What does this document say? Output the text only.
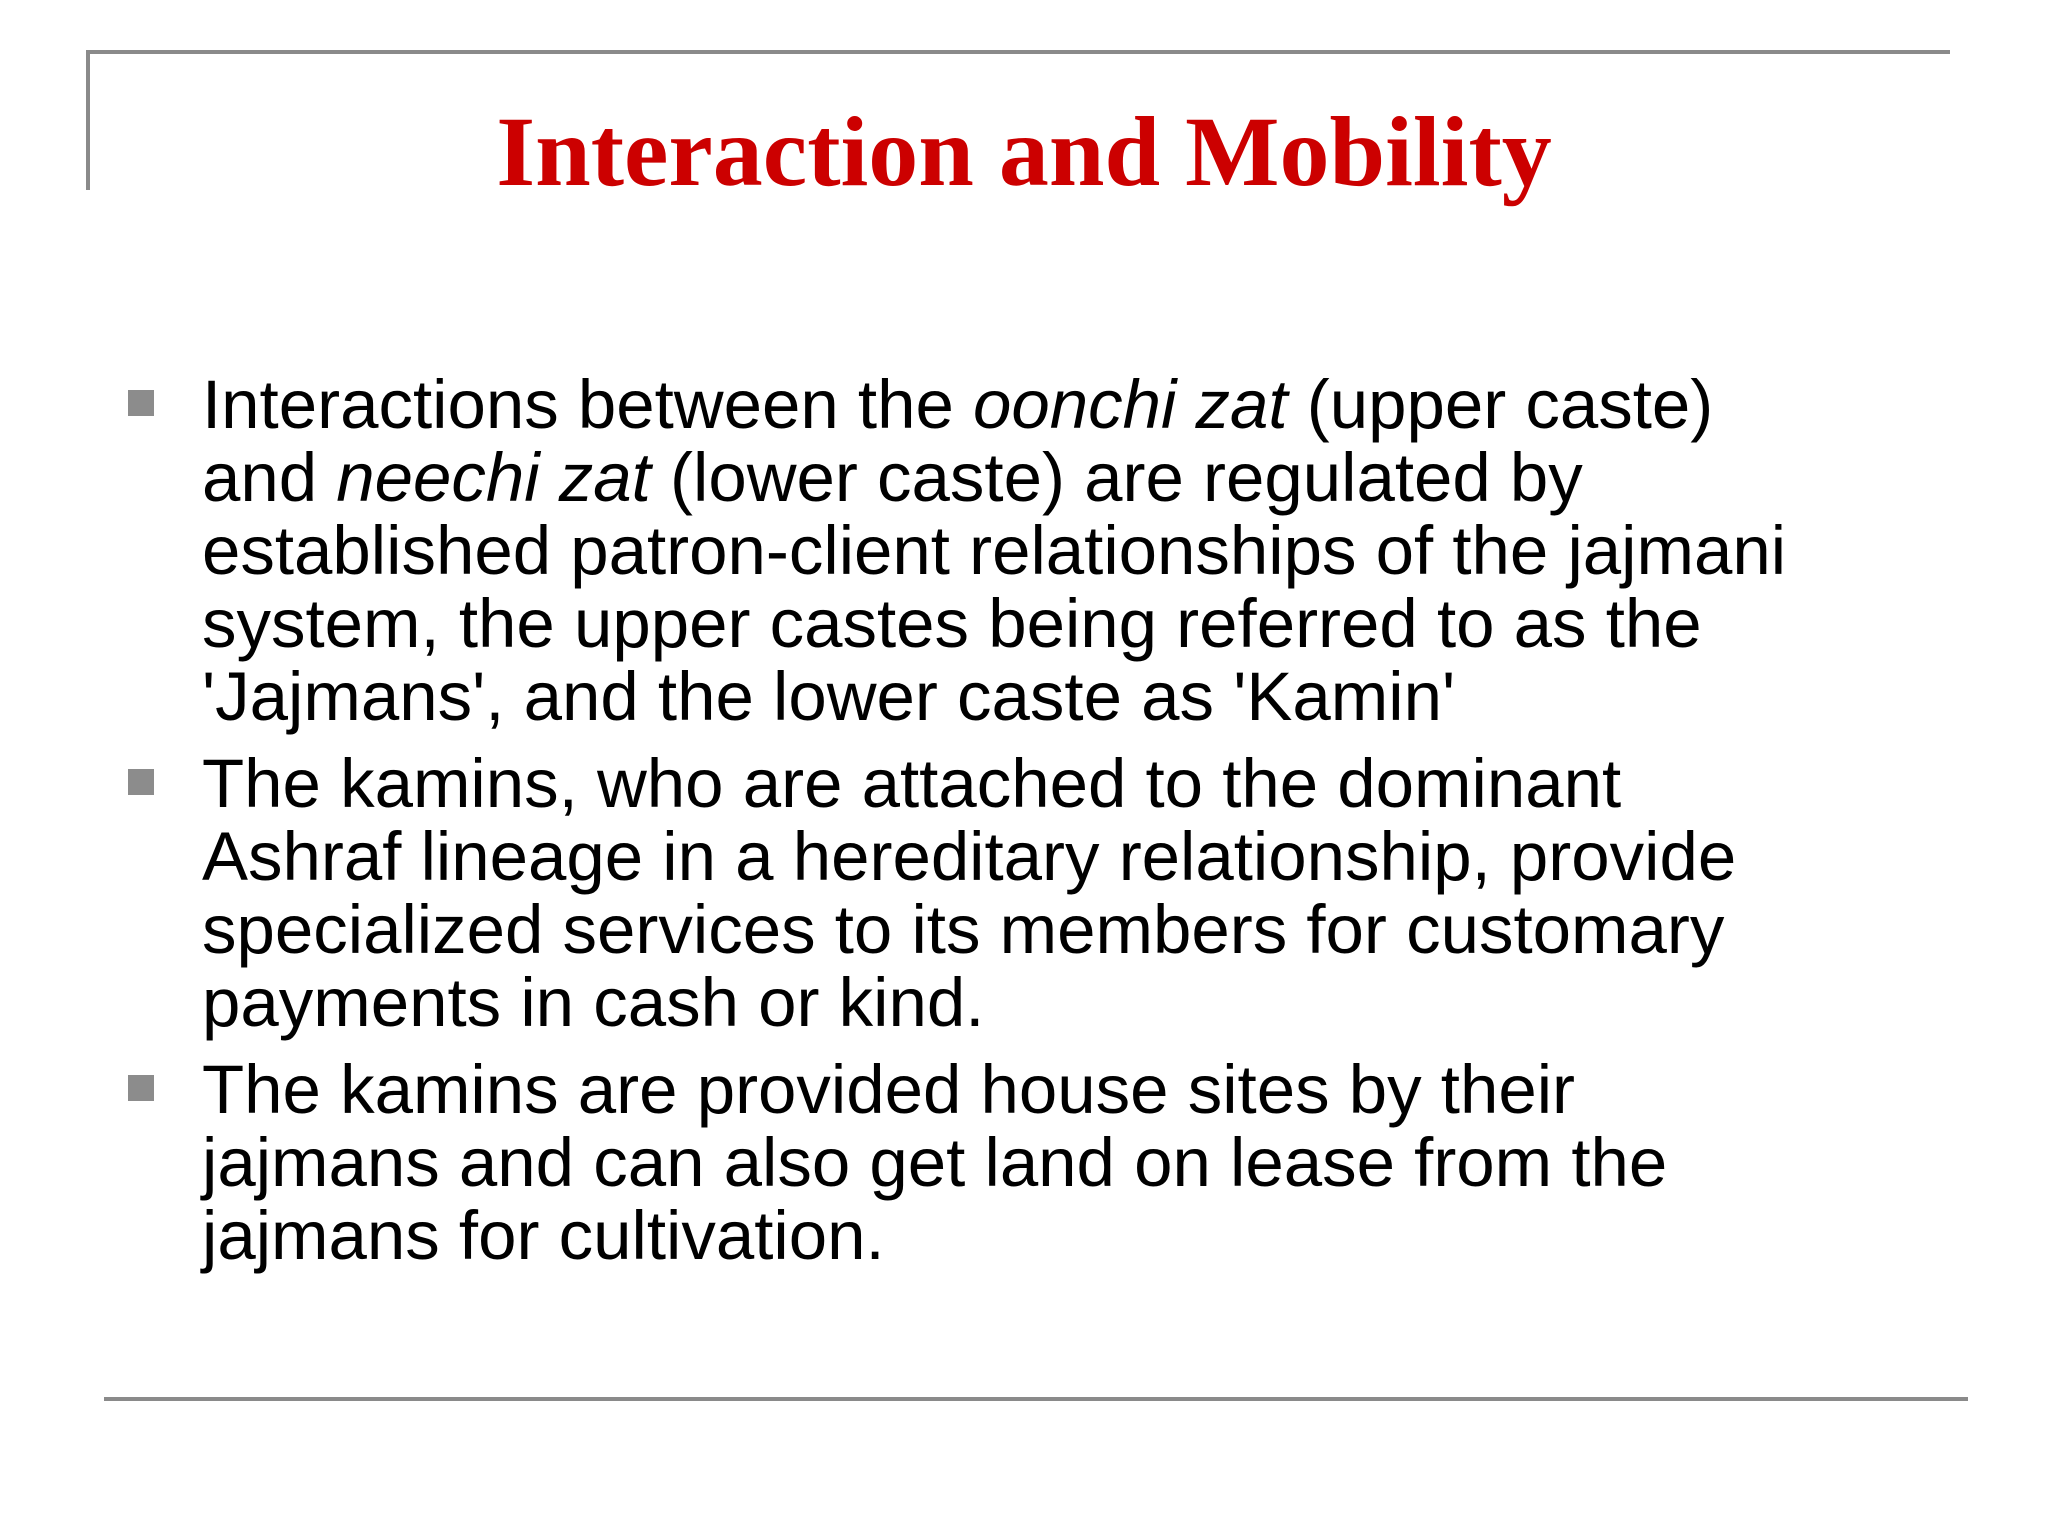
Interaction and Mobility
Interactions between the oonchi zat (upper caste)
and neechi zat (lower caste) are regulated by
established patron-client relationships of the jajmani
system, the upper castes being referred to as the
'Jajmans', and the lower caste as 'Kamin'
The kamins, who are attached to the dominant
Ashraf lineage in a hereditary relationship, provide
specialized services to its members for customary
payments in cash or kind.
The kamins are provided house sites by their
jajmans and can also get land on lease from the
jajmans for cultivation.
